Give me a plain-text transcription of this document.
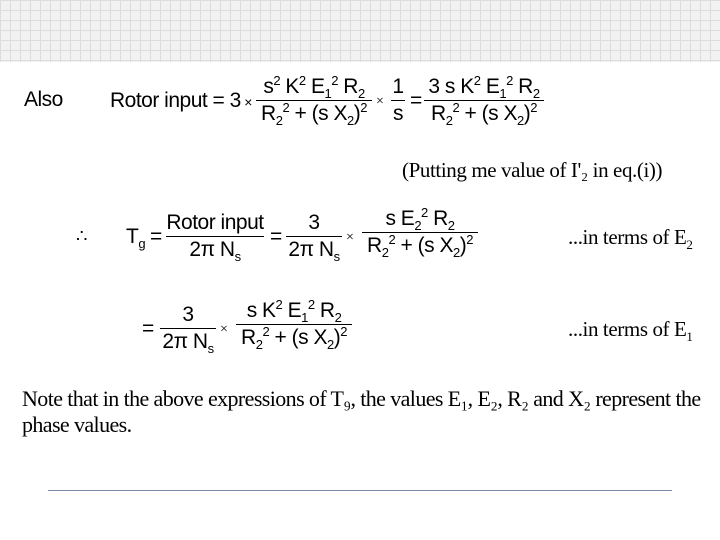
Also Rotor input = 3 ×
$s^2$ $K^2$ $E_1^2$ $R_2$
$R_2^2 + (s$ $X_2)^2$ ×
1
s
=
3 s $K^2$ $E_1^2$ $R_2$
$R_2^2 + (s$ $X_2)^2$
(Putting me value of I'₂ in eq.(i))
∴ $T_g$ =
Rotor input
2π $N_s$
=
3
2π $N_s$
×
s $E_2^2$ $R_2$
$R_2^2 + (s$ $X_2)^2$	...in terms of $E_2$
=
3
2π $N_s$
×
s $K^2$ $E_1^2$ $R_2$
$R_2^2 + (s$ $X_2)^2$	...in terms of $E_1$
Note that in the above expressions of T₉, the values E₁, E₂, R₂ and X₂ represent the phase values.
